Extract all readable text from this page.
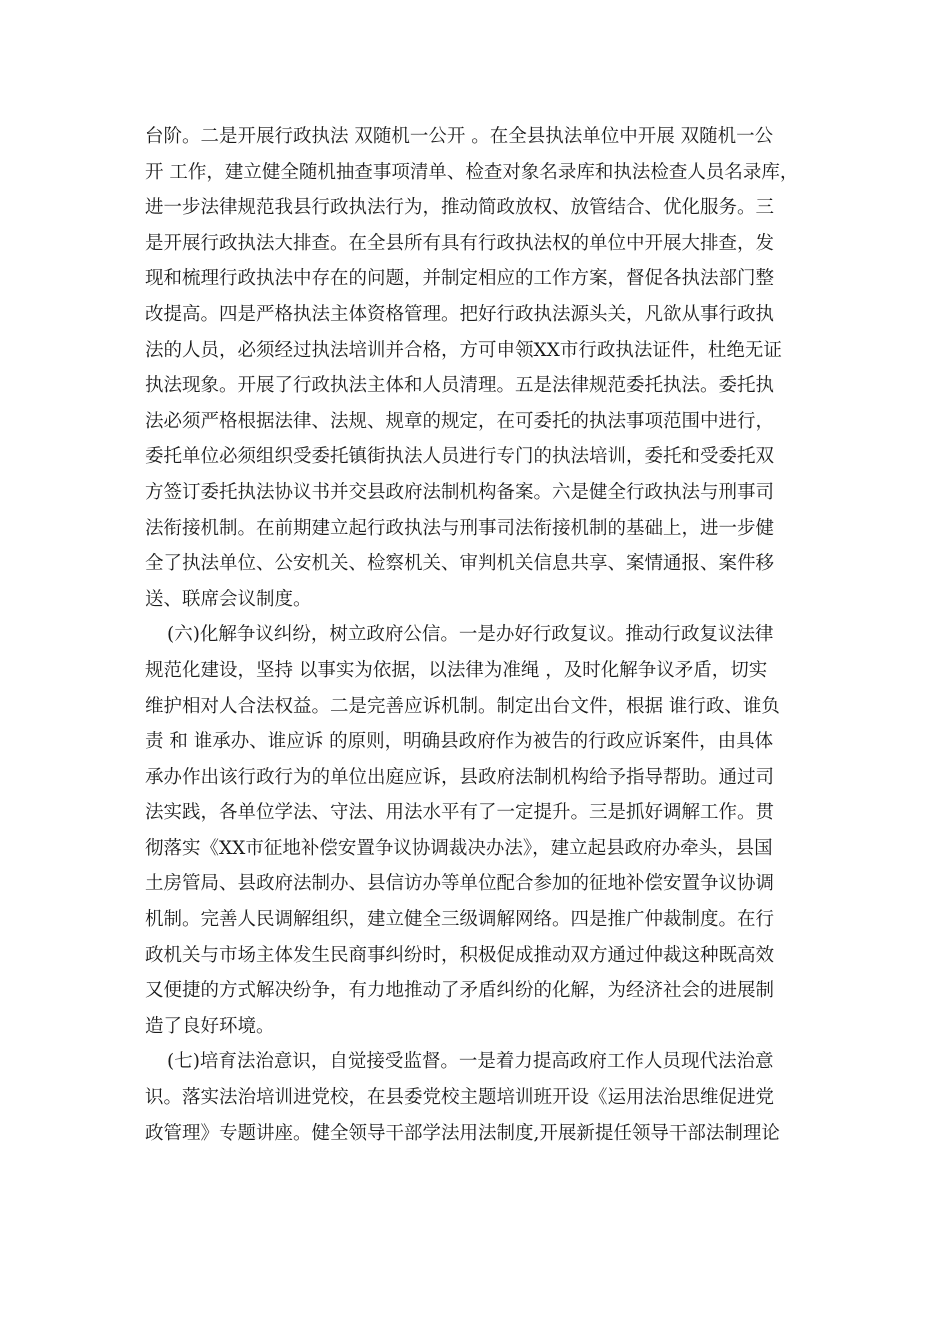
台阶。二是开展行政执法 双随机一公开 。在全县执法单位中开展 双随机一公
开 工作，建立健全随机抽查事项清单、检查对象名录库和执法检查人员名录库，
进一步法律规范我县行政执法行为，推动简政放权、放管结合、优化服务。三
是开展行政执法大排查。在全县所有具有行政执法权的单位中开展大排查，发
现和梳理行政执法中存在的问题，并制定相应的工作方案，督促各执法部门整
改提高。四是严格执法主体资格管理。把好行政执法源头关，凡欲从事行政执
法的人员，必须经过执法培训并合格，方可申领XX市行政执法证件，杜绝无证
执法现象。开展了行政执法主体和人员清理。五是法律规范委托执法。委托执
法必须严格根据法律、法规、规章的规定，在可委托的执法事项范围中进行，
委托单位必须组织受委托镇街执法人员进行专门的执法培训，委托和受委托双
方签订委托执法协议书并交县政府法制机构备案。六是健全行政执法与刑事司
法衔接机制。在前期建立起行政执法与刑事司法衔接机制的基础上，进一步健
全了执法单位、公安机关、检察机关、审判机关信息共享、案情通报、案件移
送、联席会议制度。
(六)化解争议纠纷，树立政府公信。一是办好行政复议。推动行政复议法律
规范化建设，坚持 以事实为依据，以法律为准绳 ，及时化解争议矛盾，切实
维护相对人合法权益。二是完善应诉机制。制定出台文件，根据 谁行政、谁负
责 和 谁承办、谁应诉 的原则，明确县政府作为被告的行政应诉案件，由具体
承办作出该行政行为的单位出庭应诉，县政府法制机构给予指导帮助。通过司
法实践，各单位学法、守法、用法水平有了一定提升。三是抓好调解工作。贯
彻落实《XX市征地补偿安置争议协调裁决办法》，建立起县政府办牵头，县国
土房管局、县政府法制办、县信访办等单位配合参加的征地补偿安置争议协调
机制。完善人民调解组织，建立健全三级调解网络。四是推广仲裁制度。在行
政机关与市场主体发生民商事纠纷时，积极促成推动双方通过仲裁这种既高效
又便捷的方式解决纷争，有力地推动了矛盾纠纷的化解，为经济社会的进展制
造了良好环境。
(七)培育法治意识，自觉接受监督。一是着力提高政府工作人员现代法治意
识。落实法治培训进党校，在县委党校主题培训班开设《运用法治思维促进党
政管理》专题讲座。健全领导干部学法用法制度,开展新提任领导干部法制理论
